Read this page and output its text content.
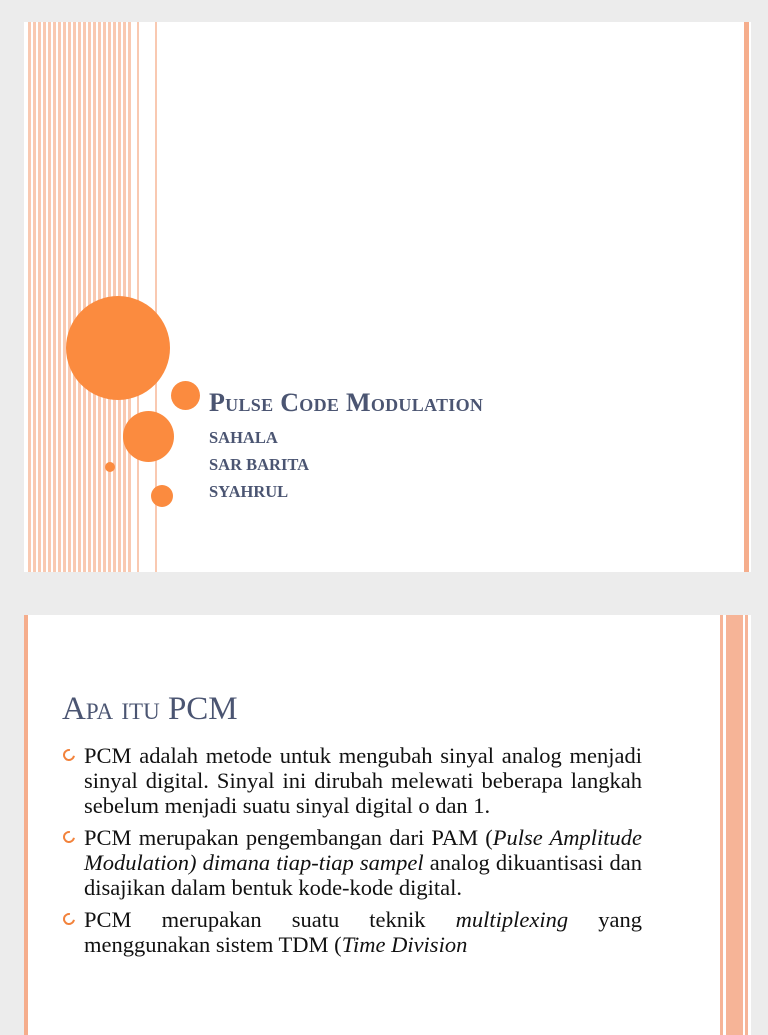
Pulse Code Modulation
SAHALA
SAR BARITA
SYAHRUL
Apa itu PCM
PCM adalah metode untuk mengubah sinyal analog menjadi sinyal digital. Sinyal ini dirubah melewati beberapa langkah sebelum menjadi suatu sinyal digital o dan 1.
PCM merupakan pengembangan dari PAM (Pulse Amplitude Modulation) dimana tiap-tiap sampel analog dikuantisasi dan disajikan dalam bentuk kode-kode digital.
PCM merupakan suatu teknik multiplexing yang menggunakan sistem TDM (Time Division
